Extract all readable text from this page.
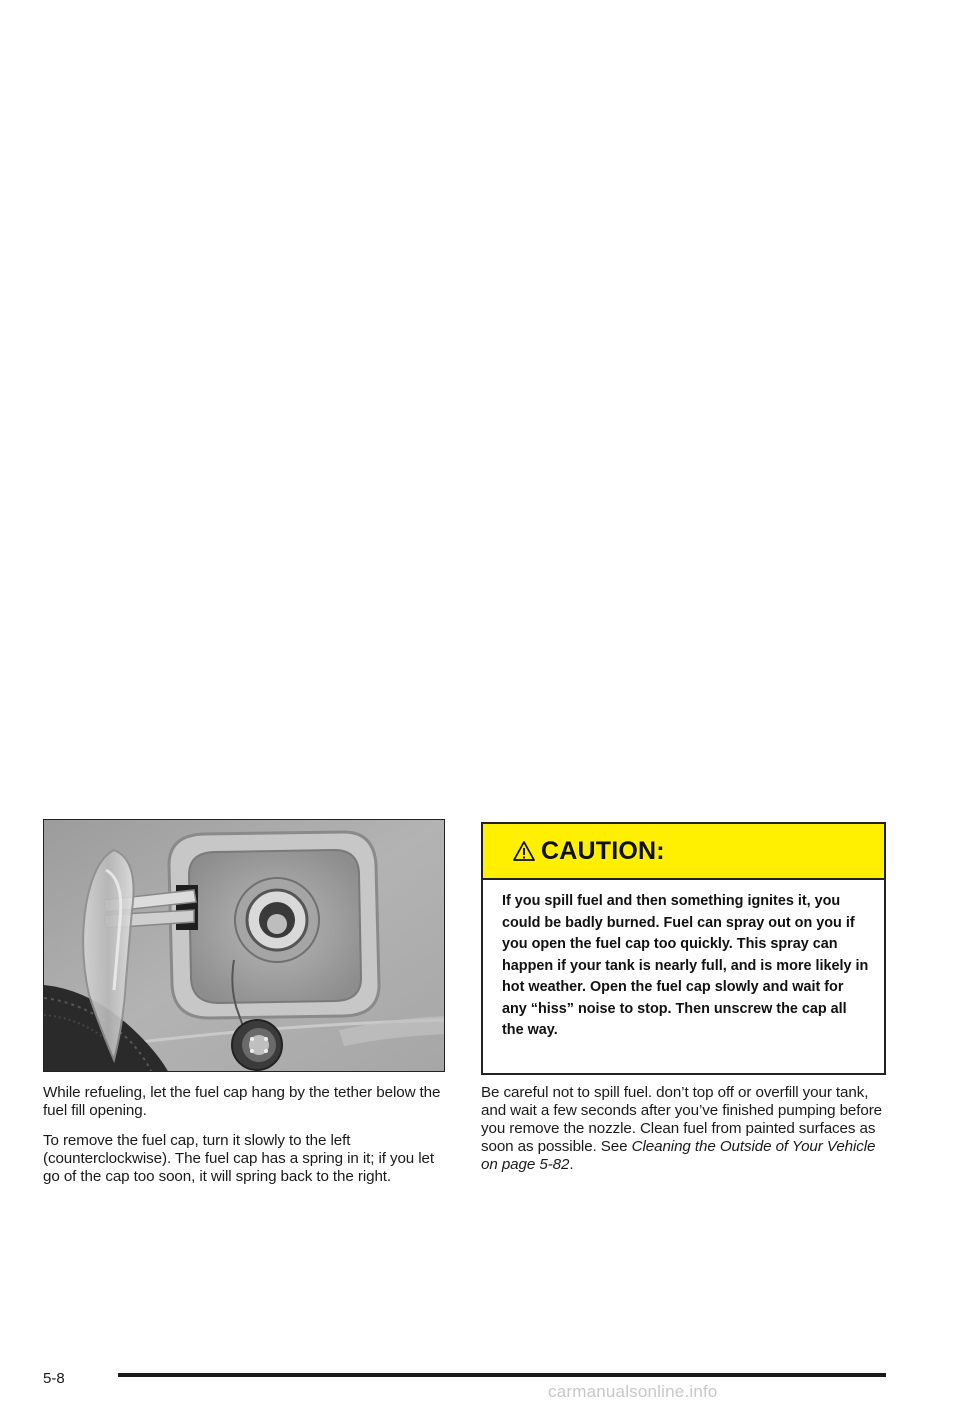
While refueling, let the fuel cap hang by the tether below the fuel fill opening.

To remove the fuel cap, turn it slowly to the left (counterclockwise). The fuel cap has a spring in it; if you let go of the cap too soon, it will spring back to the right.

CAUTION:
If you spill fuel and then something ignites it, you could be badly burned. Fuel can spray out on you if you open the fuel cap too quickly. This spray can happen if your tank is nearly full, and is more likely in hot weather. Open the fuel cap slowly and wait for any “hiss” noise to stop. Then unscrew the cap all the way.

Be careful not to spill fuel. don’t top off or overfill your tank, and wait a few seconds after you’ve finished pumping before you remove the nozzle. Clean fuel from painted surfaces as soon as possible. See Cleaning the Outside of Your Vehicle on page 5-82.

5-8
carmanualsonline.info
